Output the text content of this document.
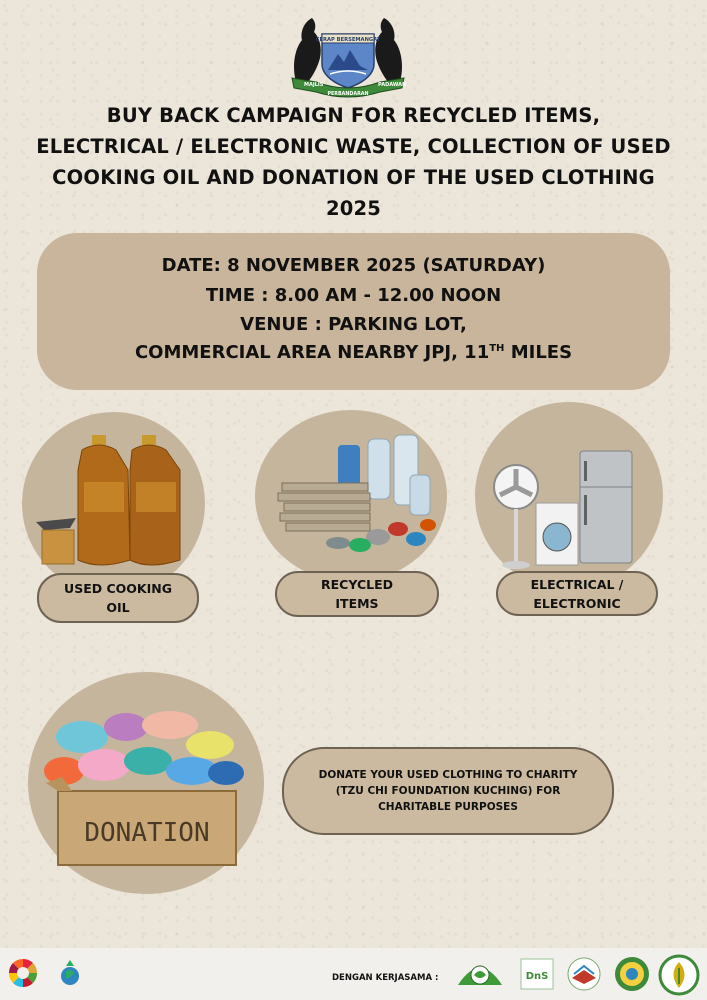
CERAP BERSEMANGAT
MAJLIS
PERBANDARAN
PADAWAN
BUY BACK CAMPAIGN FOR RECYCLED ITEMS,
ELECTRICAL / ELECTRONIC WASTE, COLLECTION OF USED
COOKING OIL AND DONATION OF THE USED CLOTHING
2025
DATE: 8 NOVEMBER 2025 (SATURDAY)
TIME : 8.00 AM - 12.00 NOON
VENUE : PARKING LOT,
COMMERCIAL AREA NEARBY JPJ, 11TH MILES
USED COOKING
OIL
RECYCLED
ITEMS
ELECTRICAL /
ELECTRONIC
DONATION
DONATE YOUR USED CLOTHING TO CHARITY
(TZU CHI FOUNDATION KUCHING) FOR
CHARITABLE PURPOSES
DENGAN KERJASAMA :	DnS
